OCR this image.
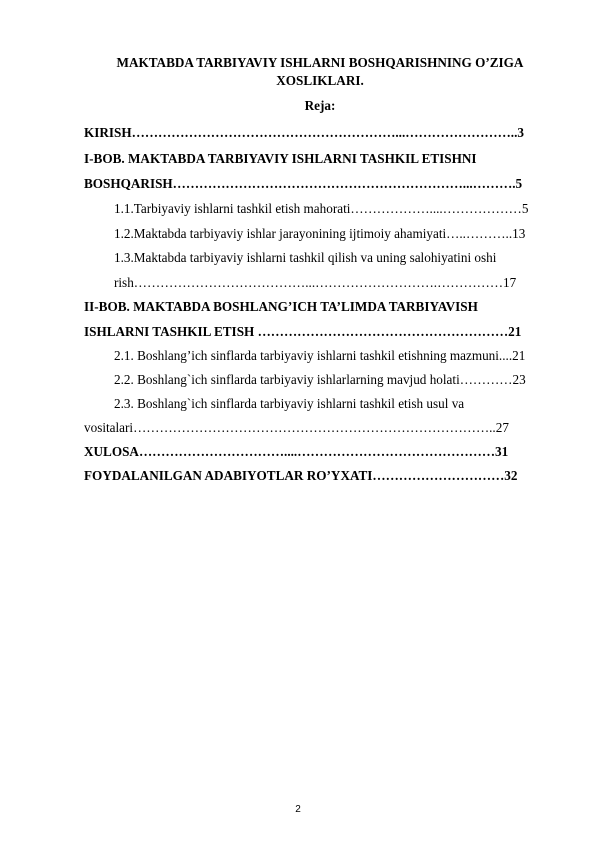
MAKTABDA TARBIYAVIY ISHLARNI BOSHQARISHNING O’ZIGA XOSLIKLARI.
Reja:
KIRISH……………………………………………………...……………………..3
I-BOB. MAKTABDA TARBIYAVIY ISHLARNI TASHKIL ETISHNI
BOSHQARISH…………………………………………………………...……….5
1.1.Tarbiyaviy ishlarni tashkil etish mahorati………………....………………5
1.2.Maktabda tarbiyaviy ishlar jarayonining ijtimoiy ahamiyati…..………..13
1.3.Maktabda tarbiyaviy ishlarni tashkil qilish va uning salohiyatini oshi
rish…………………………………...……………………….……………17
II-BOB. MAKTABDA BOSHLANG’ICH TA’LIMDA TARBIYAVISH
ISHLARNI TASHKIL ETISH …………………………………………………21
2.1. Boshlang’ich sinflarda tarbiyaviy ishlarni tashkil etishning mazmuni....21
2.2. Boshlang`ich sinflarda tarbiyaviy ishlarlarning mavjud holati…………23
2.3. Boshlang`ich sinflarda tarbiyaviy ishlarni tashkil etish usul va
vositalari………………………………………………………………………..27
XULOSA……………………………....………………………………………31
FOYDALANILGAN ADABIYOTLAR RO’YXATI…………………………32
2
